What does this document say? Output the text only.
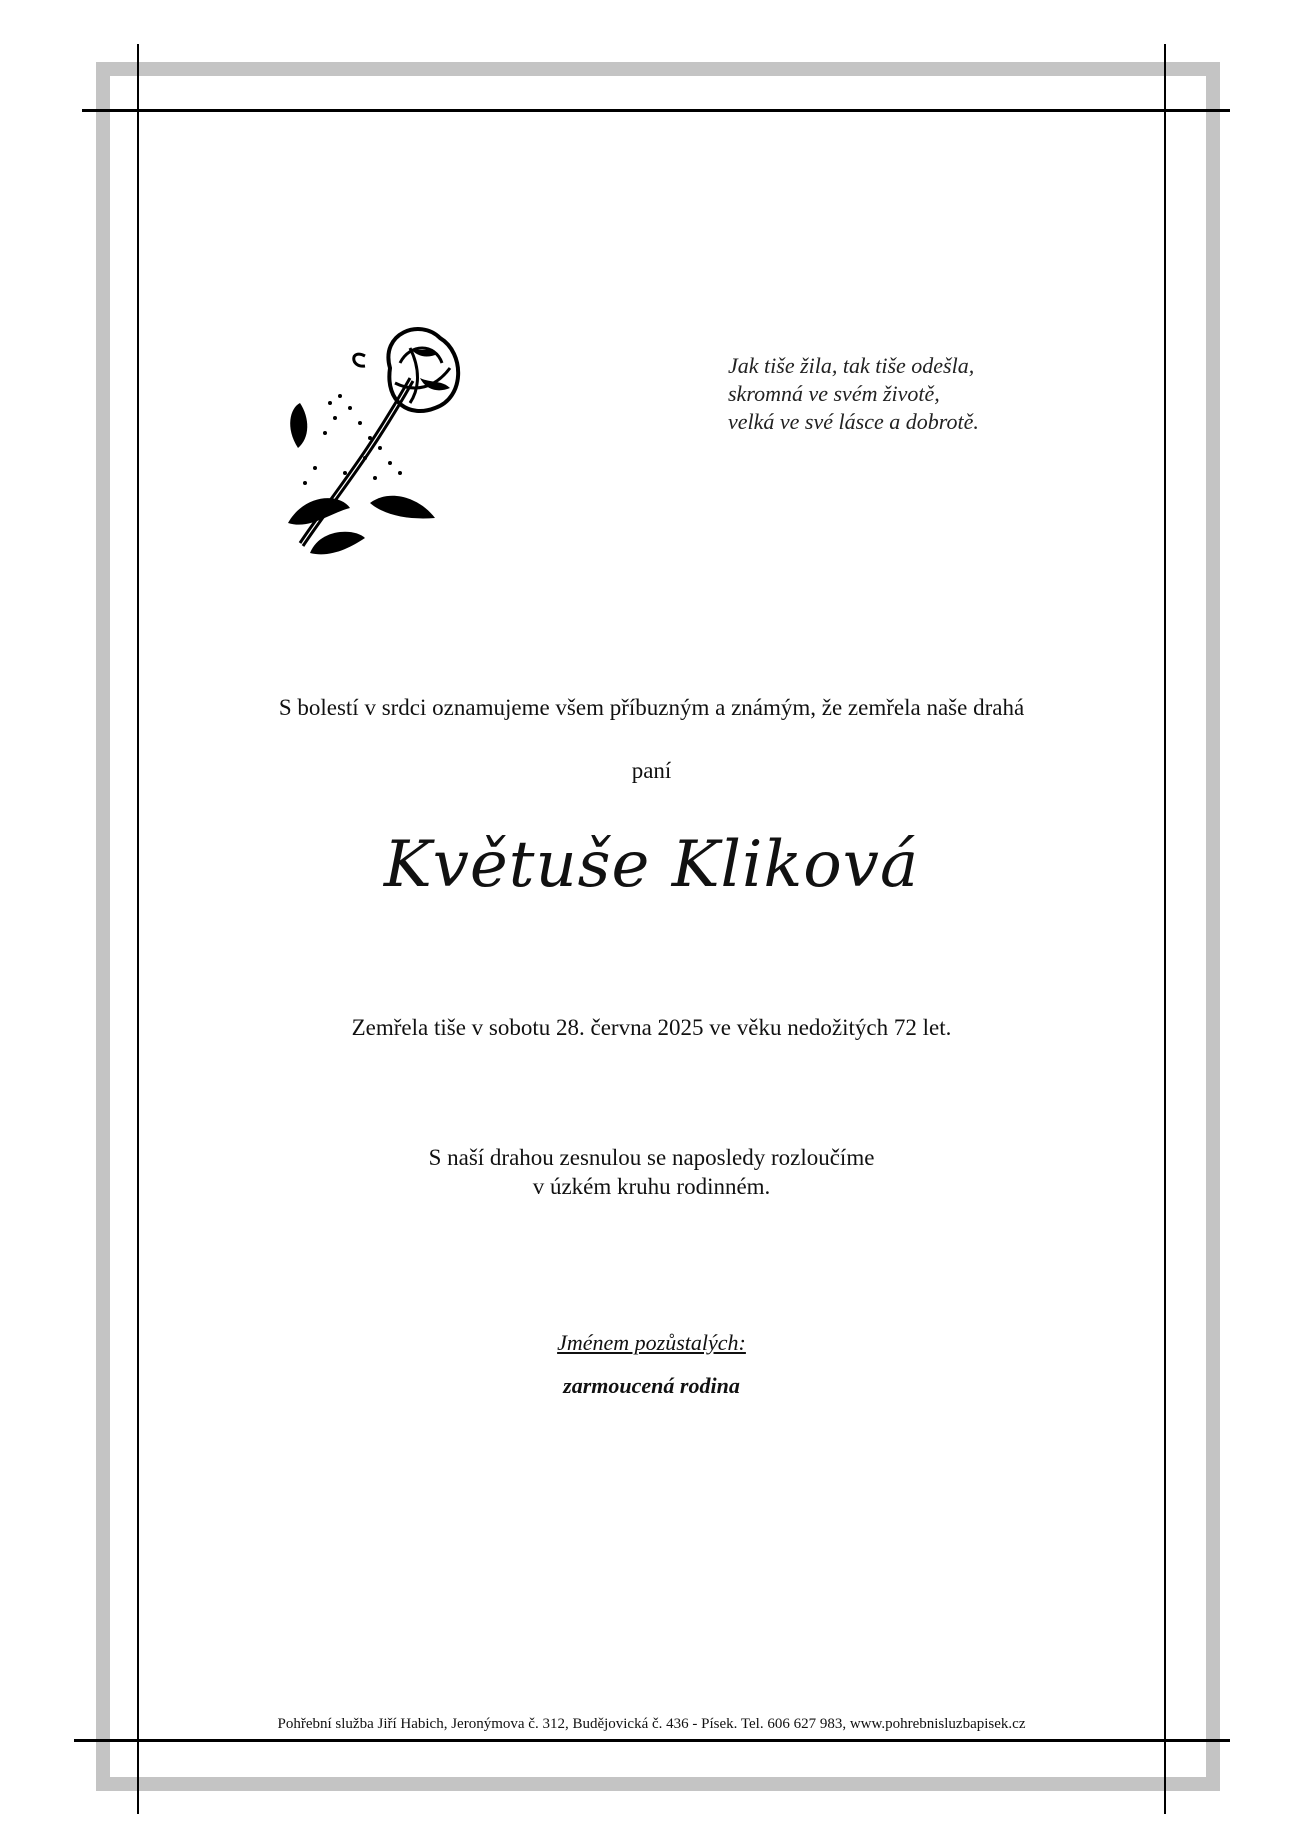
Jak tiše žila, tak tiše odešla,
skromná ve svém životě,
velká ve své lásce a dobrotě.
S bolestí v srdci oznamujeme všem příbuzným a známým, že zemřela naše drahá
paní
Květuše Kliková
Zemřela tiše v sobotu 28. června 2025 ve věku nedožitých 72 let.
S naší drahou zesnulou se naposledy rozloučíme
v úzkém kruhu rodinném.
Jménem pozůstalých:
zarmoucená rodina
Pohřební služba Jiří Habich, Jeronýmova č. 312, Budějovická č. 436 - Písek. Tel. 606 627 983, www.pohrebnisluzbapisek.cz
